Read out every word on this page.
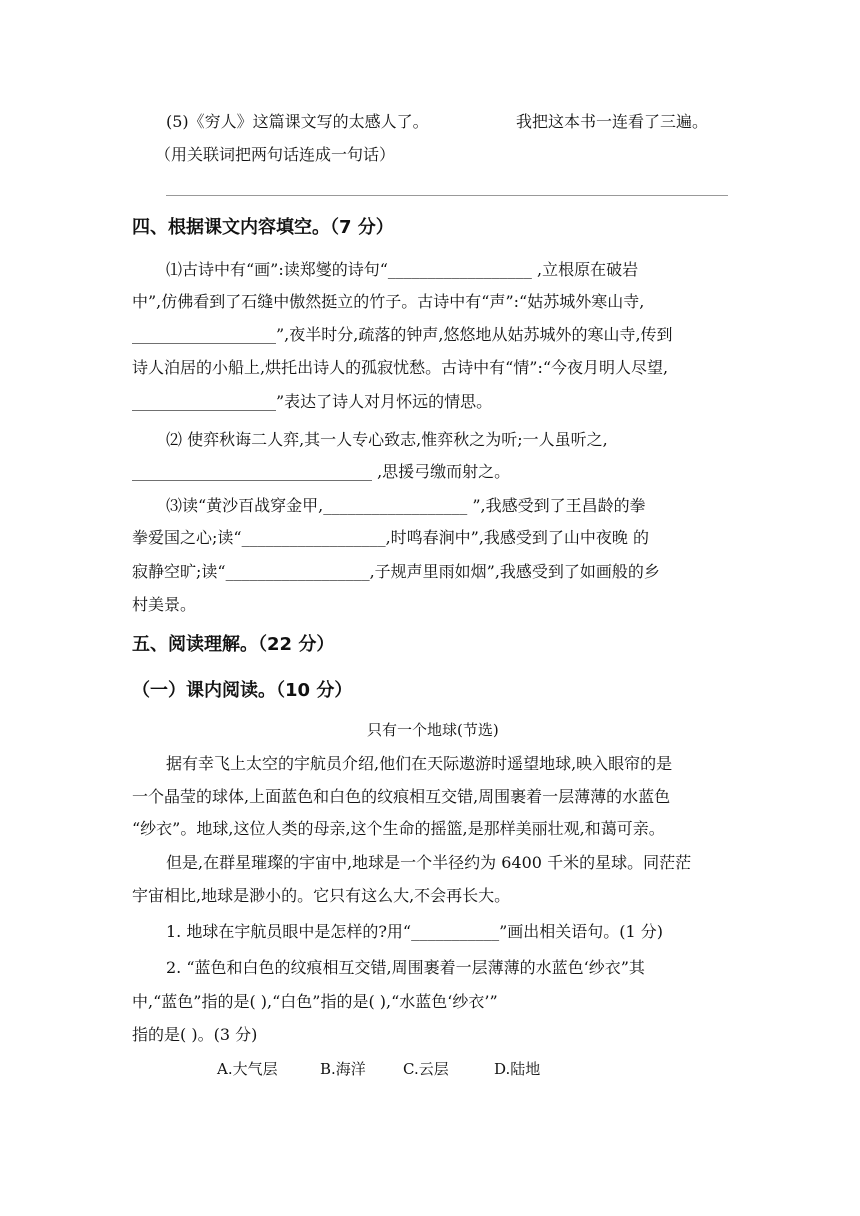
(5)《穷人》这篇课文写的太感人了。	我把这本书一连看了三遍。
（用关联词把两句话连成一句话）
四、根据课文内容填空。（7 分）
⑴古诗中有“画”:读郑燮的诗句“__________________ ,立根原在破岩
中”,仿佛看到了石缝中傲然挺立的竹子。古诗中有“声”:“姑苏城外寒山寺,
__________________”,夜半时分,疏落的钟声,悠悠地从姑苏城外的寒山寺,传到
诗人泊居的小船上,烘托出诗人的孤寂忧愁。古诗中有“情”:“今夜月明人尽望,
__________________”表达了诗人对月怀远的情思。
⑵ 使弈秋诲二人弈,其一人专心致志,惟弈秋之为听;一人虽听之,
______________________________ ,思援弓缴而射之。
⑶读“黄沙百战穿金甲,__________________ ”,我感受到了王昌龄的拳
拳爱国之心;读“__________________,时鸣春涧中”,我感受到了山中夜晚 的
寂静空旷;读“__________________,子规声里雨如烟”,我感受到了如画般的乡
村美景。
五、阅读理解。（22 分）
（一）课内阅读。（10 分）
只有一个地球(节选)
据有幸飞上太空的宇航员介绍,他们在天际遨游时遥望地球,映入眼帘的是
一个晶莹的球体,上面蓝色和白色的纹痕相互交错,周围裹着一层薄薄的水蓝色
“纱衣”。地球,这位人类的母亲,这个生命的摇篮,是那样美丽壮观,和蔼可亲。
但是,在群星璀璨的宇宙中,地球是一个半径约为 6400 千米的星球。同茫茫
宇宙相比,地球是渺小的。它只有这么大,不会再长大。
1. 地球在宇航员眼中是怎样的?用“___________”画出相关语句。(1 分)
2. “蓝色和白色的纹痕相互交错,周围裹着一层薄薄的水蓝色‘纱衣”其
中,“蓝色”指的是( ),“白色”指的是( ),“水蓝色‘纱衣’”
指的是( )。(3 分)
A.大气层	B.海洋 C.云层	D.陆地
